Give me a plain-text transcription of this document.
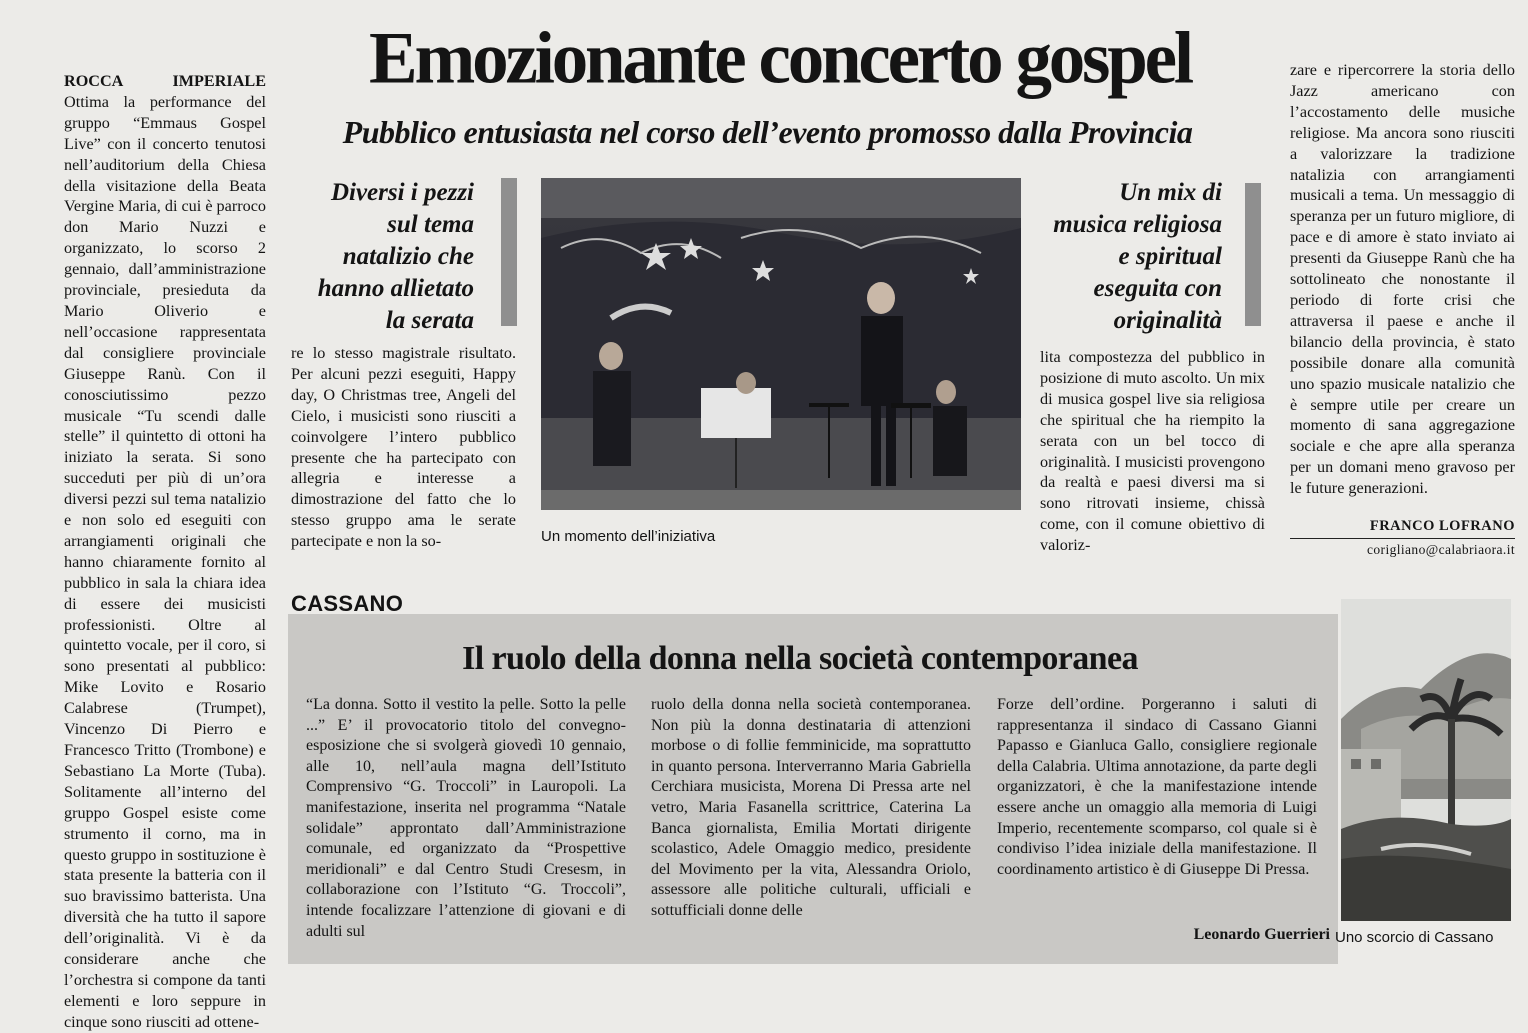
Emozionante concerto gospel
Pubblico entusiasta nel corso dell’evento promosso dalla Provincia

ROCCA IMPERIALE Ottima la performance del gruppo “Emmaus Gospel Live” con il concerto tenutosi nell’auditorium della Chiesa della visitazione della Beata Vergine Maria, di cui è parroco don Mario Nuzzi e organizzato, lo scorso 2 gennaio, dall’amministrazione provinciale, presieduta da Mario Oliverio e nell’occasione rappresentata dal consigliere provinciale Giuseppe Ranù. Con il conosciutissimo pezzo musicale “Tu scendi dalle stelle” il quintetto di ottoni ha iniziato la serata. Si sono succeduti per più di un’ora diversi pezzi sul tema natalizio e non solo ed eseguiti con arrangiamenti originali che hanno chiaramente fornito al pubblico in sala la chiara idea di essere dei musicisti professionisti. Oltre al quintetto vocale, per il coro, si sono presentati al pubblico: Mike Lovito e Rosario Calabrese (Trumpet), Vincenzo Di Pierro e Francesco Tritto (Trombone) e Sebastiano La Morte (Tuba). Solitamente all’interno del gruppo Gospel esiste come strumento il corno, ma in questo gruppo in sostituzione è stata presente la batteria con il suo bravissimo batterista. Una diversità che ha tutto il sapore dell’originalità. Vi è da considerare anche che l’orchestra si compone da tanti elementi e loro seppure in cinque sono riusciti ad ottene-

Diversi i pezzi
sul tema
natalizio che
hanno allietato
la serata

re lo stesso magistrale risultato. Per alcuni pezzi eseguiti, Happy day, O Christmas tree, Angeli del Cielo, i musicisti sono riusciti a coinvolgere l’intero pubblico presente che ha partecipato con allegria e interesse a dimostrazione del fatto che lo stesso gruppo ama le serate partecipate e non la so-	Un momento dell’iniziativa
Un mix di
musica religiosa
e spiritual
eseguita con
originalità

lita compostezza del pubblico in posizione di muto ascolto. Un mix di musica gospel live sia religiosa che spiritual che ha riempito la serata con un bel tocco di originalità. I musicisti provengono da realtà e paesi diversi ma si sono ritrovati insieme, chissà come, con il comune obiettivo di valoriz-

zare e ripercorrere la storia dello Jazz americano con l’accostamento delle musiche religiose. Ma ancora sono riusciti a valorizzare la tradizione natalizia con arrangiamenti musicali a tema. Un messaggio di speranza per un futuro migliore, di pace e di amore è stato inviato ai presenti da Giuseppe Ranù che ha sottolineato che nonostante il periodo di forte crisi che attraversa il paese e anche il bilancio della provincia, è stato possibile donare alla comunità uno spazio musicale natalizio che è sempre utile per creare un momento di sana aggregazione sociale e che apre alla speranza per un domani meno gravoso per le future generazioni.

FRANCO LOFRANO
corigliano@calabriaora.it
CASSANO
Il ruolo della donna nella società contemporanea

“La donna. Sotto il vestito la pelle. Sotto la pelle ...” E’ il provocatorio titolo del convegno-esposizione che si svolgerà giovedì 10 gennaio, alle 10, nell’aula magna dell’Istituto Comprensivo “G. Troccoli” in Lauropoli. La manifestazione, inserita nel programma “Natale solidale” approntato dall’Amministrazione comunale, ed organizzato da “Prospettive meridionali” e dal Centro Studi Cresesm, in collaborazione con l’Istituto “G. Troccoli”, intende focalizzare l’attenzione di giovani e di adulti sul

ruolo della donna nella società contemporanea. Non più la donna destinataria di attenzioni morbose o di follie femminicide, ma soprattutto in quanto persona. Interverranno Maria Gabriella Cerchiara musicista, Morena Di Pressa arte nel vetro, Maria Fasanella scrittrice, Caterina La Banca giornalista, Emilia Mortati dirigente scolastico, Adele Omaggio medico, presidente del Movimento per la vita, Alessandra Oriolo, assessore alle politiche culturali, ufficiali e sottufficiali donne delle

Forze dell’ordine. Porgeranno i saluti di rappresentanza il sindaco di Cassano Gianni Papasso e Gianluca Gallo, consigliere regionale della Calabria. Ultima annotazione, da parte degli organizzatori, è che la manifestazione intende essere anche un omaggio alla memoria di Luigi Imperio, recentemente scomparso, col quale si è condiviso l’idea iniziale della manifestazione. Il coordinamento artistico è di Giuseppe Di Pressa.

Leonardo Guerrieri Uno scorcio di Cassano
